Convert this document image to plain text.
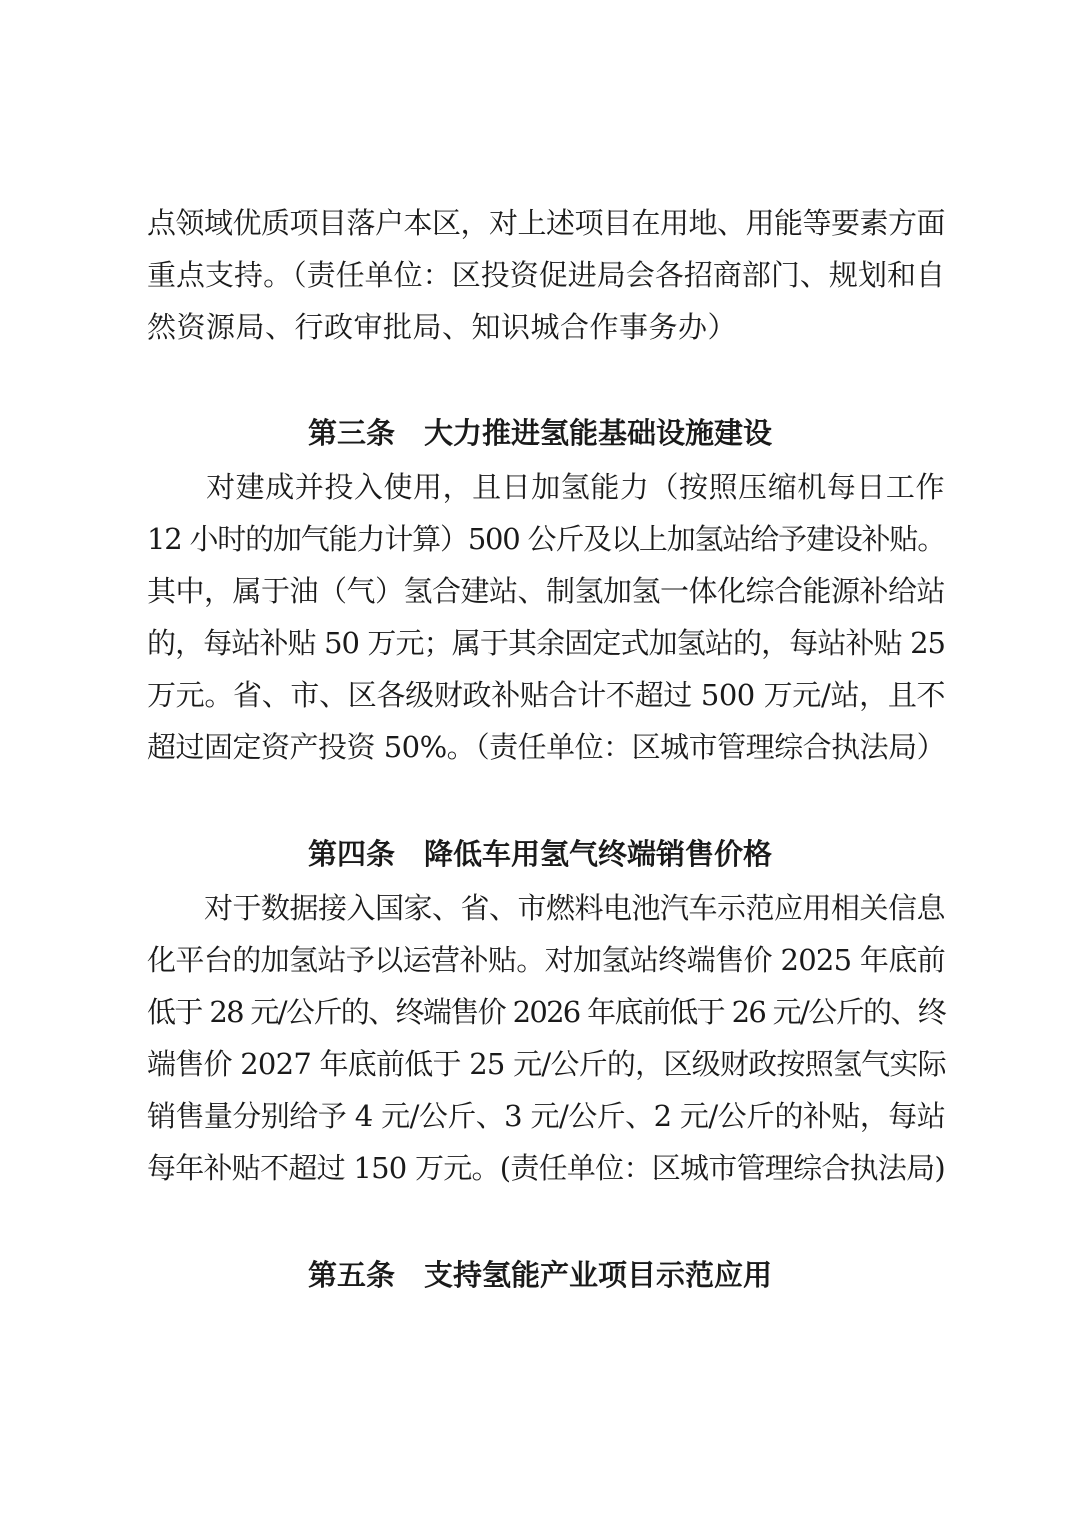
点领域优质项目落户本区，对上述项目在用地、用能等要素方面
重点支持。（责任单位：区投资促进局会各招商部门、规划和自
然资源局、行政审批局、知识城合作事务办）
第三条　大力推进氢能基础设施建设
　　对建成并投入使用，且日加氢能力（按照压缩机每日工作
12 小时的加气能力计算）500 公斤及以上加氢站给予建设补贴。
其中，属于油（气）氢合建站、制氢加氢一体化综合能源补给站
的，每站补贴 50 万元；属于其余固定式加氢站的，每站补贴 25
万元。省、市、区各级财政补贴合计不超过 500 万元/站，且不
超过固定资产投资 50%。（责任单位：区城市管理综合执法局）
第四条　降低车用氢气终端销售价格
　　对于数据接入国家、省、市燃料电池汽车示范应用相关信息
化平台的加氢站予以运营补贴。对加氢站终端售价 2025 年底前
低于 28 元/公斤的、终端售价 2026 年底前低于 26 元/公斤的、终
端售价 2027 年底前低于 25 元/公斤的，区级财政按照氢气实际
销售量分别给予 4 元/公斤、3 元/公斤、2 元/公斤的补贴，每站
每年补贴不超过 150 万元。(责任单位：区城市管理综合执法局)
第五条　支持氢能产业项目示范应用
